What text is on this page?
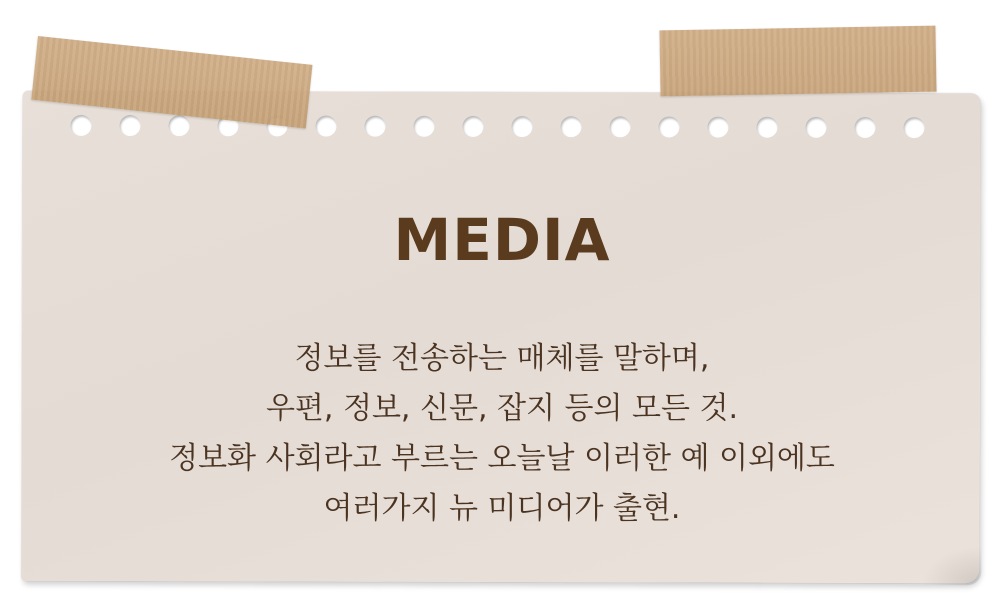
MEDIA
정보를 전송하는 매체를 말하며,
우편, 정보, 신문, 잡지 등의 모든 것.
정보화 사회라고 부르는 오늘날 이러한 예 이외에도
여러가지 뉴 미디어가 출현.
